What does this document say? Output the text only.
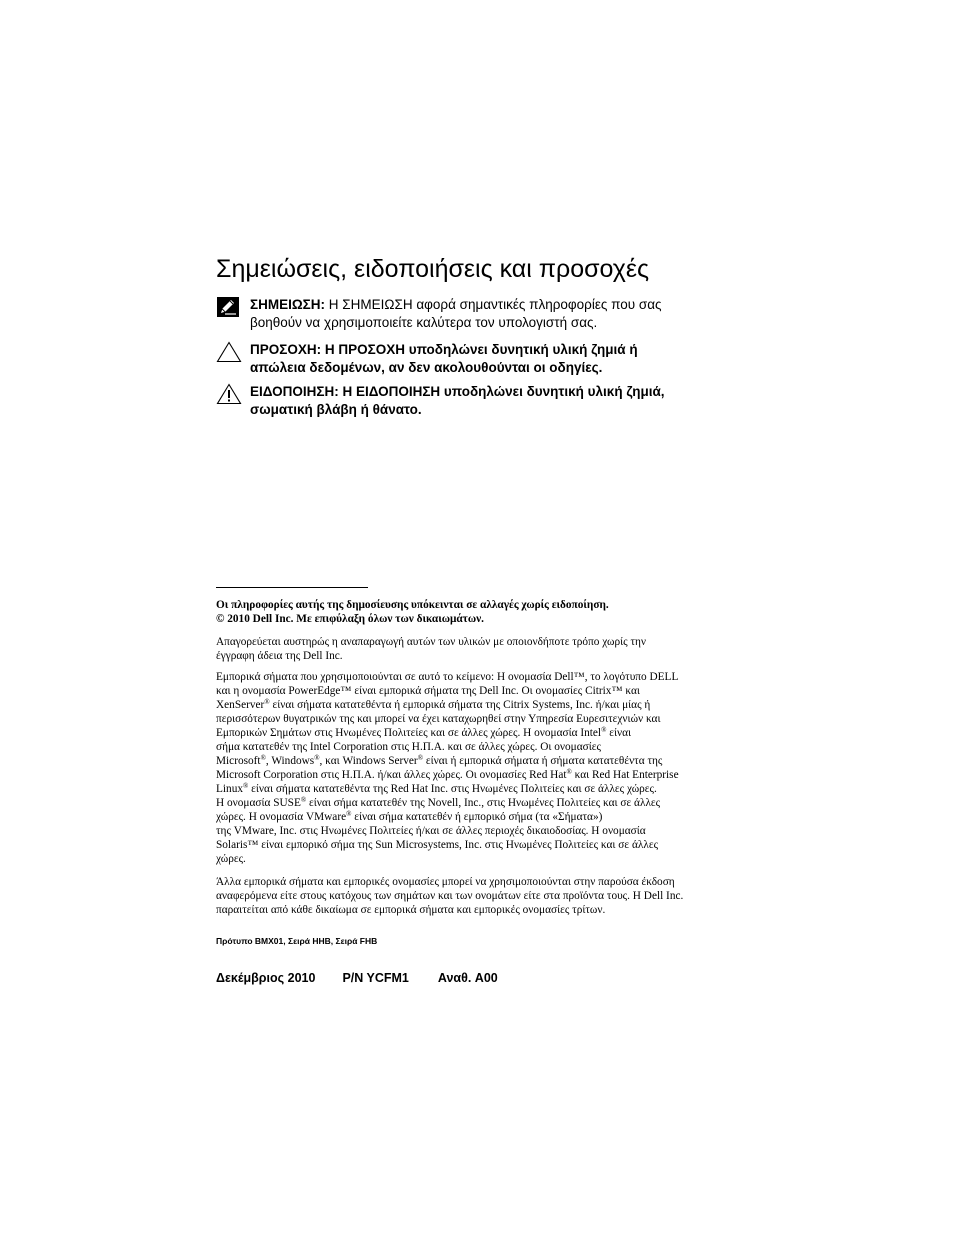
Σημειώσεις, ειδοποιήσεις και προσοχές
ΣΗΜΕΙΩΣΗ: Η ΣΗΜΕΙΩΣΗ αφορά σημαντικές πληροφορίες που σας
βοηθούν να χρησιμοποιείτε καλύτερα τον υπολογιστή σας.
ΠΡΟΣΟΧΗ: Η ΠΡΟΣΟΧΗ υποδηλώνει δυνητική υλική ζημιά ή
απώλεια δεδομένων, αν δεν ακολουθούνται οι οδηγίες.
ΕΙΔΟΠΟΙΗΣΗ: Η ΕΙΔΟΠΟΙΗΣΗ υποδηλώνει δυνητική υλική ζημιά,
σωματική βλάβη ή θάνατο.

Οι πληροφορίες αυτής της δημοσίευσης υπόκεινται σε αλλαγές χωρίς ειδοποίηση.

© 2010 Dell Inc. Με επιφύλαξη όλων των δικαιωμάτων.

Απαγορεύεται αυστηρώς η αναπαραγωγή αυτών των υλικών με οποιονδήποτε τρόπο χωρίς την

έγγραφη άδεια της Dell Inc.

Εμπορικά σήματα που χρησιμοποιούνται σε αυτό το κείμενο: Η ονομασία Dell™, το λογότυπο DELL

και η ονομασία PowerEdge™ είναι εμπορικά σήματα της Dell Inc. Οι ονομασίες Citrix™ και

XenServer® είναι σήματα κατατεθέντα ή εμπορικά σήματα της Citrix Systems, Inc. ή/και μίας ή

περισσότερων θυγατρικών της και μπορεί να έχει καταχωρηθεί στην Υπηρεσία Ευρεσιτεχνιών και

Εμπορικών Σημάτων στις Ηνωμένες Πολιτείες και σε άλλες χώρες. Η ονομασία Intel® είναι

σήμα κατατεθέν της Intel Corporation στις Η.Π.Α. και σε άλλες χώρες. Οι ονομασίες

Microsoft®, Windows®, και Windows Server® είναι ή εμπορικά σήματα ή σήματα κατατεθέντα της

Microsoft Corporation στις Η.Π.Α. ή/και άλλες χώρες. Οι ονομασίες Red Hat® και Red Hat Enterprise

Linux® είναι σήματα κατατεθέντα της Red Hat Inc. στις Ηνωμένες Πολιτείες και σε άλλες χώρες.

Η ονομασία SUSE® είναι σήμα κατατεθέν της Novell, Inc., στις Ηνωμένες Πολιτείες και σε άλλες

χώρες. Η ονομασία VMware® είναι σήμα κατατεθέν ή εμπορικό σήμα (τα «Σήματα»)

της VMware, Inc. στις Ηνωμένες Πολιτείες ή/και σε άλλες περιοχές δικαιοδοσίας. Η ονομασία

Solaris™ είναι εμπορικό σήμα της Sun Microsystems, Inc. στις Ηνωμένες Πολιτείες και σε άλλες

χώρες.

Άλλα εμπορικά σήματα και εμπορικές ονομασίες μπορεί να χρησιμοποιούνται στην παρούσα έκδοση

αναφερόμενα είτε στους κατόχους των σημάτων και των ονομάτων είτε στα προϊόντα τους. Η Dell Inc.

παραιτείται από κάθε δικαίωμα σε εμπορικά σήματα και εμπορικές ονομασίες τρίτων.

Πρότυπο BMX01, Σειρά HHB, Σειρά FHB
Δεκέμβριος 2010 P/N YCFM1 Αναθ. A00
